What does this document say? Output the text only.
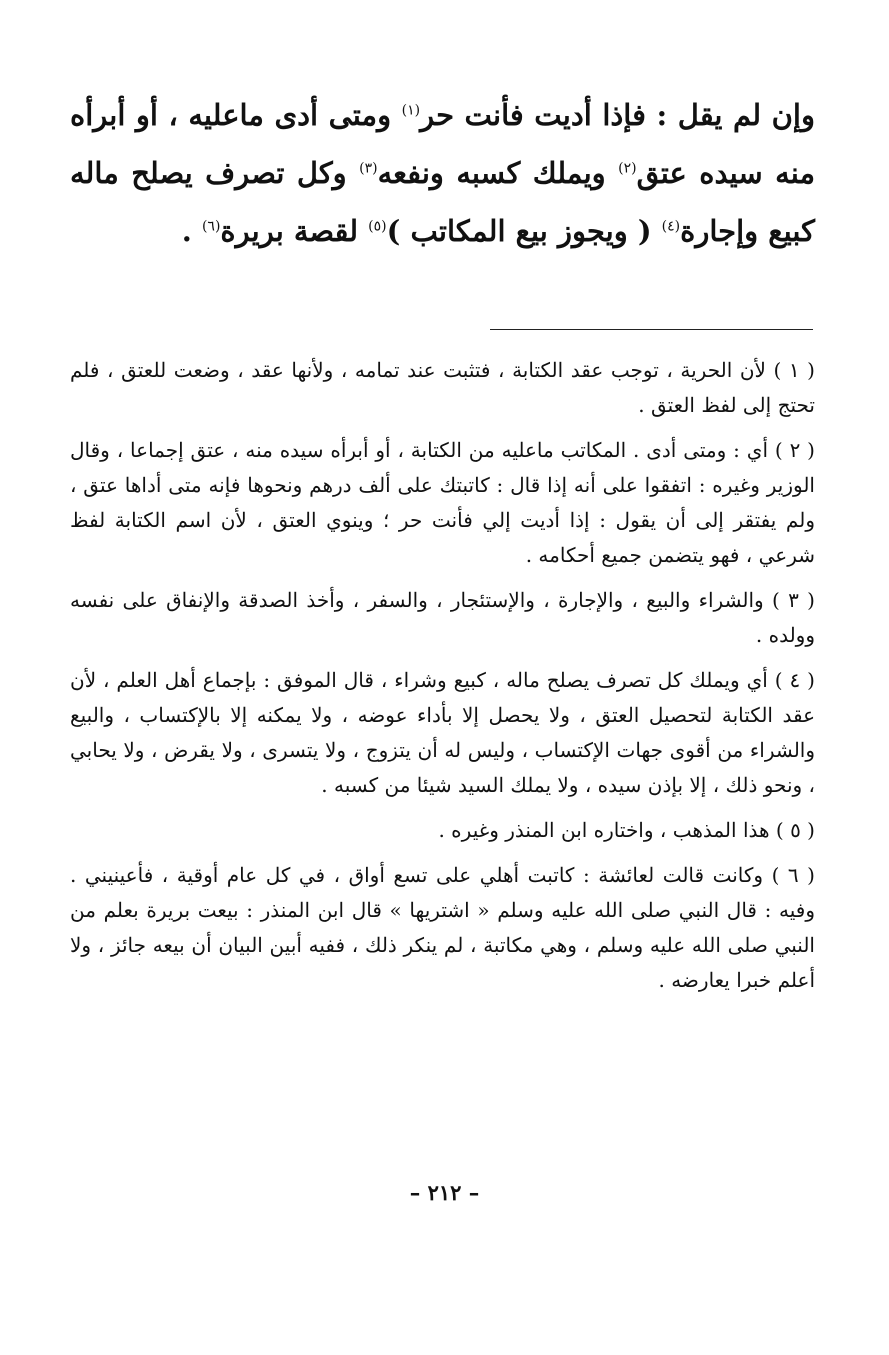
وإن لم يقل : فإذا أديت فأنت حر$^{(١)}$ ومتى أدى ماعليه ، أو أبرأه منه سيده عتق$^{(٢)}$ ويملك كسبه ونفعه$^{(٣)}$ وكل تصرف يصلح ماله كبيع وإجارة$^{(٤)}$ ( ويجوز بيع المكاتب )$^{(٥)}$ لقصة بريرة$^{(٦)}$ .

( ١ ) لأن الحرية ، توجب عقد الكتابة ، فتثبت عند تمامه ، ولأنها عقد ، وضعت للعتق ، فلم تحتج إلى لفظ العتق .

( ٢ ) أي : ومتى أدى . المكاتب ماعليه من الكتابة ، أو أبرأه سيده منه ، عتق إجماعا ، وقال الوزير وغيره : اتفقوا على أنه إذا قال : كاتبتك على ألف درهم ونحوها فإنه متى أداها عتق ، ولم يفتقر إلى أن يقول : إذا أديت إلي فأنت حر ؛ وينوي العتق ، لأن اسم الكتابة لفظ شرعي ، فهو يتضمن جميع أحكامه .

( ٣ ) والشراء والبيع ، والإجارة ، والإستئجار ، والسفر ، وأخذ الصدقة والإنفاق على نفسه وولده .

( ٤ ) أي ويملك كل تصرف يصلح ماله ، كبيع وشراء ، قال الموفق : بإجماع أهل العلم ، لأن عقد الكتابة لتحصيل العتق ، ولا يحصل إلا بأداء عوضه ، ولا يمكنه إلا بالإكتساب ، والبيع والشراء من أقوى جهات الإكتساب ، وليس له أن يتزوج ، ولا يتسرى ، ولا يقرض ، ولا يحابي ، ونحو ذلك ، إلا بإذن سيده ، ولا يملك السيد شيئا من كسبه .

( ٥ ) هذا المذهب ، واختاره ابن المنذر وغيره .

( ٦ ) وكانت قالت لعائشة : كاتبت أهلي على تسع أواق ، في كل عام أوقية ، فأعينيني . وفيه : قال النبي صلى الله عليه وسلم « اشتريها » قال ابن المنذر : بيعت بريرة بعلم من النبي صلى الله عليه وسلم ، وهي مكاتبة ، لم ينكر ذلك ، ففيه أبين البيان أن بيعه جائز ، ولا أعلم خبرا يعارضه .

– ٢١٢ –
